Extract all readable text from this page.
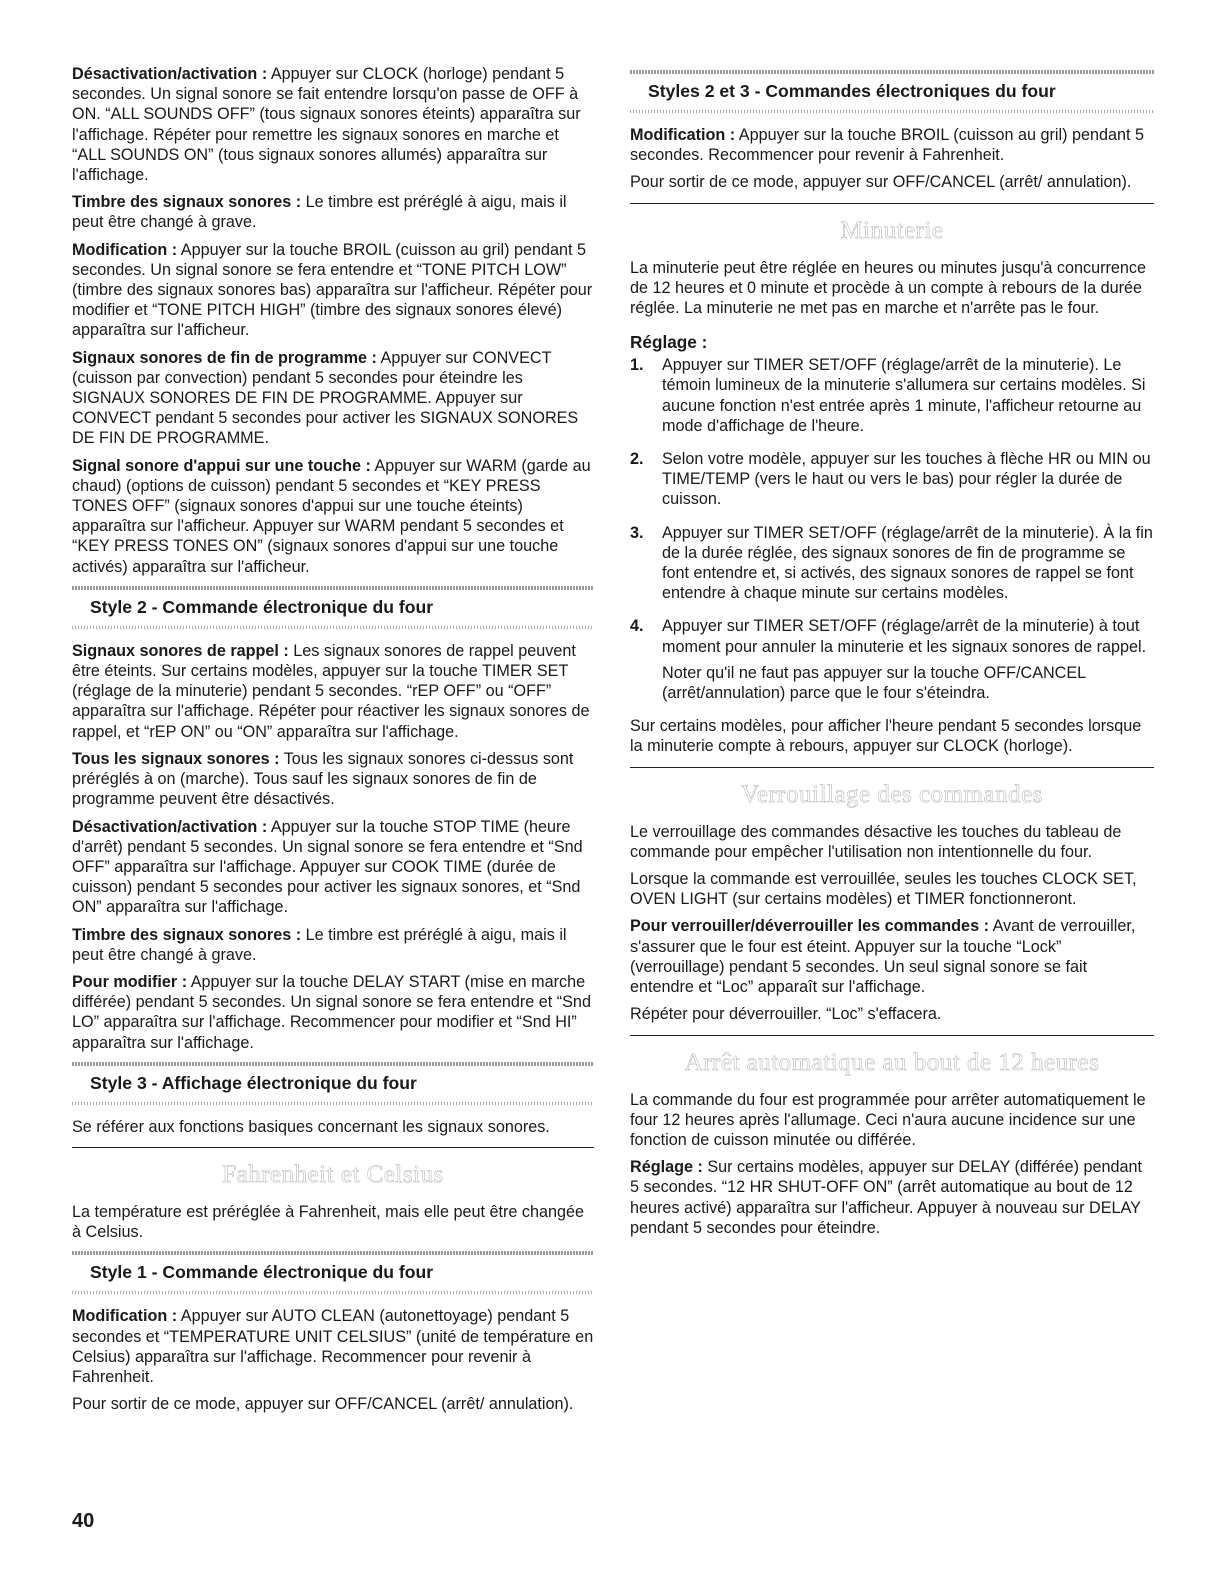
Désactivation/activation : Appuyer sur CLOCK (horloge) pendant 5 secondes. Un signal sonore se fait entendre lorsqu'on passe de OFF à ON. “ALL SOUNDS OFF” (tous signaux sonores éteints) apparaîtra sur l'affichage. Répéter pour remettre les signaux sonores en marche et “ALL SOUNDS ON” (tous signaux sonores allumés) apparaîtra sur l'affichage.

Timbre des signaux sonores : Le timbre est préréglé à aigu, mais il peut être changé à grave.

Modification : Appuyer sur la touche BROIL (cuisson au gril) pendant 5 secondes. Un signal sonore se fera entendre et “TONE PITCH LOW” (timbre des signaux sonores bas) apparaîtra sur l'afficheur. Répéter pour modifier et “TONE PITCH HIGH” (timbre des signaux sonores élevé) apparaîtra sur l'afficheur.

Signaux sonores de fin de programme : Appuyer sur CONVECT (cuisson par convection) pendant 5 secondes pour éteindre les SIGNAUX SONORES DE FIN DE PROGRAMME. Appuyer sur CONVECT pendant 5 secondes pour activer les SIGNAUX SONORES DE FIN DE PROGRAMME.

Signal sonore d'appui sur une touche : Appuyer sur WARM (garde au chaud) (options de cuisson) pendant 5 secondes et “KEY PRESS TONES OFF” (signaux sonores d'appui sur une touche éteints) apparaîtra sur l'afficheur. Appuyer sur WARM pendant 5 secondes et “KEY PRESS TONES ON” (signaux sonores d'appui sur une touche activés) apparaîtra sur l'afficheur.

Style 2 - Commande électronique du four

Signaux sonores de rappel : Les signaux sonores de rappel peuvent être éteints. Sur certains modèles, appuyer sur la touche TIMER SET (réglage de la minuterie) pendant 5 secondes. “rEP OFF” ou “OFF” apparaîtra sur l'affichage. Répéter pour réactiver les signaux sonores de rappel, et “rEP ON” ou “ON” apparaîtra sur l'affichage.

Tous les signaux sonores : Tous les signaux sonores ci-dessus sont préréglés à on (marche). Tous sauf les signaux sonores de fin de programme peuvent être désactivés.

Désactivation/activation : Appuyer sur la touche STOP TIME (heure d'arrêt) pendant 5 secondes. Un signal sonore se fera entendre et “Snd OFF” apparaîtra sur l'affichage. Appuyer sur COOK TIME (durée de cuisson) pendant 5 secondes pour activer les signaux sonores, et “Snd ON” apparaîtra sur l'affichage.

Timbre des signaux sonores : Le timbre est préréglé à aigu, mais il peut être changé à grave.

Pour modifier : Appuyer sur la touche DELAY START (mise en marche différée) pendant 5 secondes. Un signal sonore se fera entendre et “Snd LO” apparaîtra sur l'affichage. Recommencer pour modifier et “Snd HI” apparaîtra sur l'affichage.

Style 3 - Affichage électronique du four

Se référer aux fonctions basiques concernant les signaux sonores.

Fahrenheit et Celsius

La température est préréglée à Fahrenheit, mais elle peut être changée à Celsius.

Style 1 - Commande électronique du four

Modification : Appuyer sur AUTO CLEAN (autonettoyage) pendant 5 secondes et “TEMPERATURE UNIT CELSIUS” (unité de température en Celsius) apparaîtra sur l'affichage. Recommencer pour revenir à Fahrenheit.

Pour sortir de ce mode, appuyer sur OFF/CANCEL (arrêt/ annulation).

Styles 2 et 3 - Commandes électroniques du four

Modification : Appuyer sur la touche BROIL (cuisson au gril) pendant 5 secondes. Recommencer pour revenir à Fahrenheit.

Pour sortir de ce mode, appuyer sur OFF/CANCEL (arrêt/ annulation).

Minuterie

La minuterie peut être réglée en heures ou minutes jusqu'à concurrence de 12 heures et 0 minute et procède à un compte à rebours de la durée réglée. La minuterie ne met pas en marche et n'arrête pas le four.

Réglage :
1.	Appuyer sur TIMER SET/OFF (réglage/arrêt de la minuterie). Le témoin lumineux de la minuterie s'allumera sur certains modèles. Si aucune fonction n'est entrée après 1 minute, l'afficheur retourne au mode d'affichage de l'heure.

2.	Selon votre modèle, appuyer sur les touches à flèche HR ou MIN ou TIME/TEMP (vers le haut ou vers le bas) pour régler la durée de cuisson.

3.	Appuyer sur TIMER SET/OFF (réglage/arrêt de la minuterie). À la fin de la durée réglée, des signaux sonores de fin de programme se font entendre et, si activés, des signaux sonores de rappel se font entendre à chaque minute sur certains modèles.

4.	Appuyer sur TIMER SET/OFF (réglage/arrêt de la minuterie) à tout moment pour annuler la minuterie et les signaux sonores de rappel.

Noter qu'il ne faut pas appuyer sur la touche OFF/CANCEL (arrêt/annulation) parce que le four s'éteindra.

Sur certains modèles, pour afficher l'heure pendant 5 secondes lorsque la minuterie compte à rebours, appuyer sur CLOCK (horloge).

Verrouillage des commandes

Le verrouillage des commandes désactive les touches du tableau de commande pour empêcher l'utilisation non intentionnelle du four.

Lorsque la commande est verrouillée, seules les touches CLOCK SET, OVEN LIGHT (sur certains modèles) et TIMER fonctionneront.

Pour verrouiller/déverrouiller les commandes : Avant de verrouiller, s'assurer que le four est éteint. Appuyer sur la touche “Lock” (verrouillage) pendant 5 secondes. Un seul signal sonore se fait entendre et “Loc” apparaît sur l'affichage.

Répéter pour déverrouiller. “Loc” s'effacera.

Arrêt automatique au bout de 12 heures

La commande du four est programmée pour arrêter automatiquement le four 12 heures après l'allumage. Ceci n'aura aucune incidence sur une fonction de cuisson minutée ou différée.

Réglage : Sur certains modèles, appuyer sur DELAY (différée) pendant 5 secondes. “12 HR SHUT-OFF ON” (arrêt automatique au bout de 12 heures activé) apparaîtra sur l'afficheur. Appuyer à nouveau sur DELAY pendant 5 secondes pour éteindre.

40
